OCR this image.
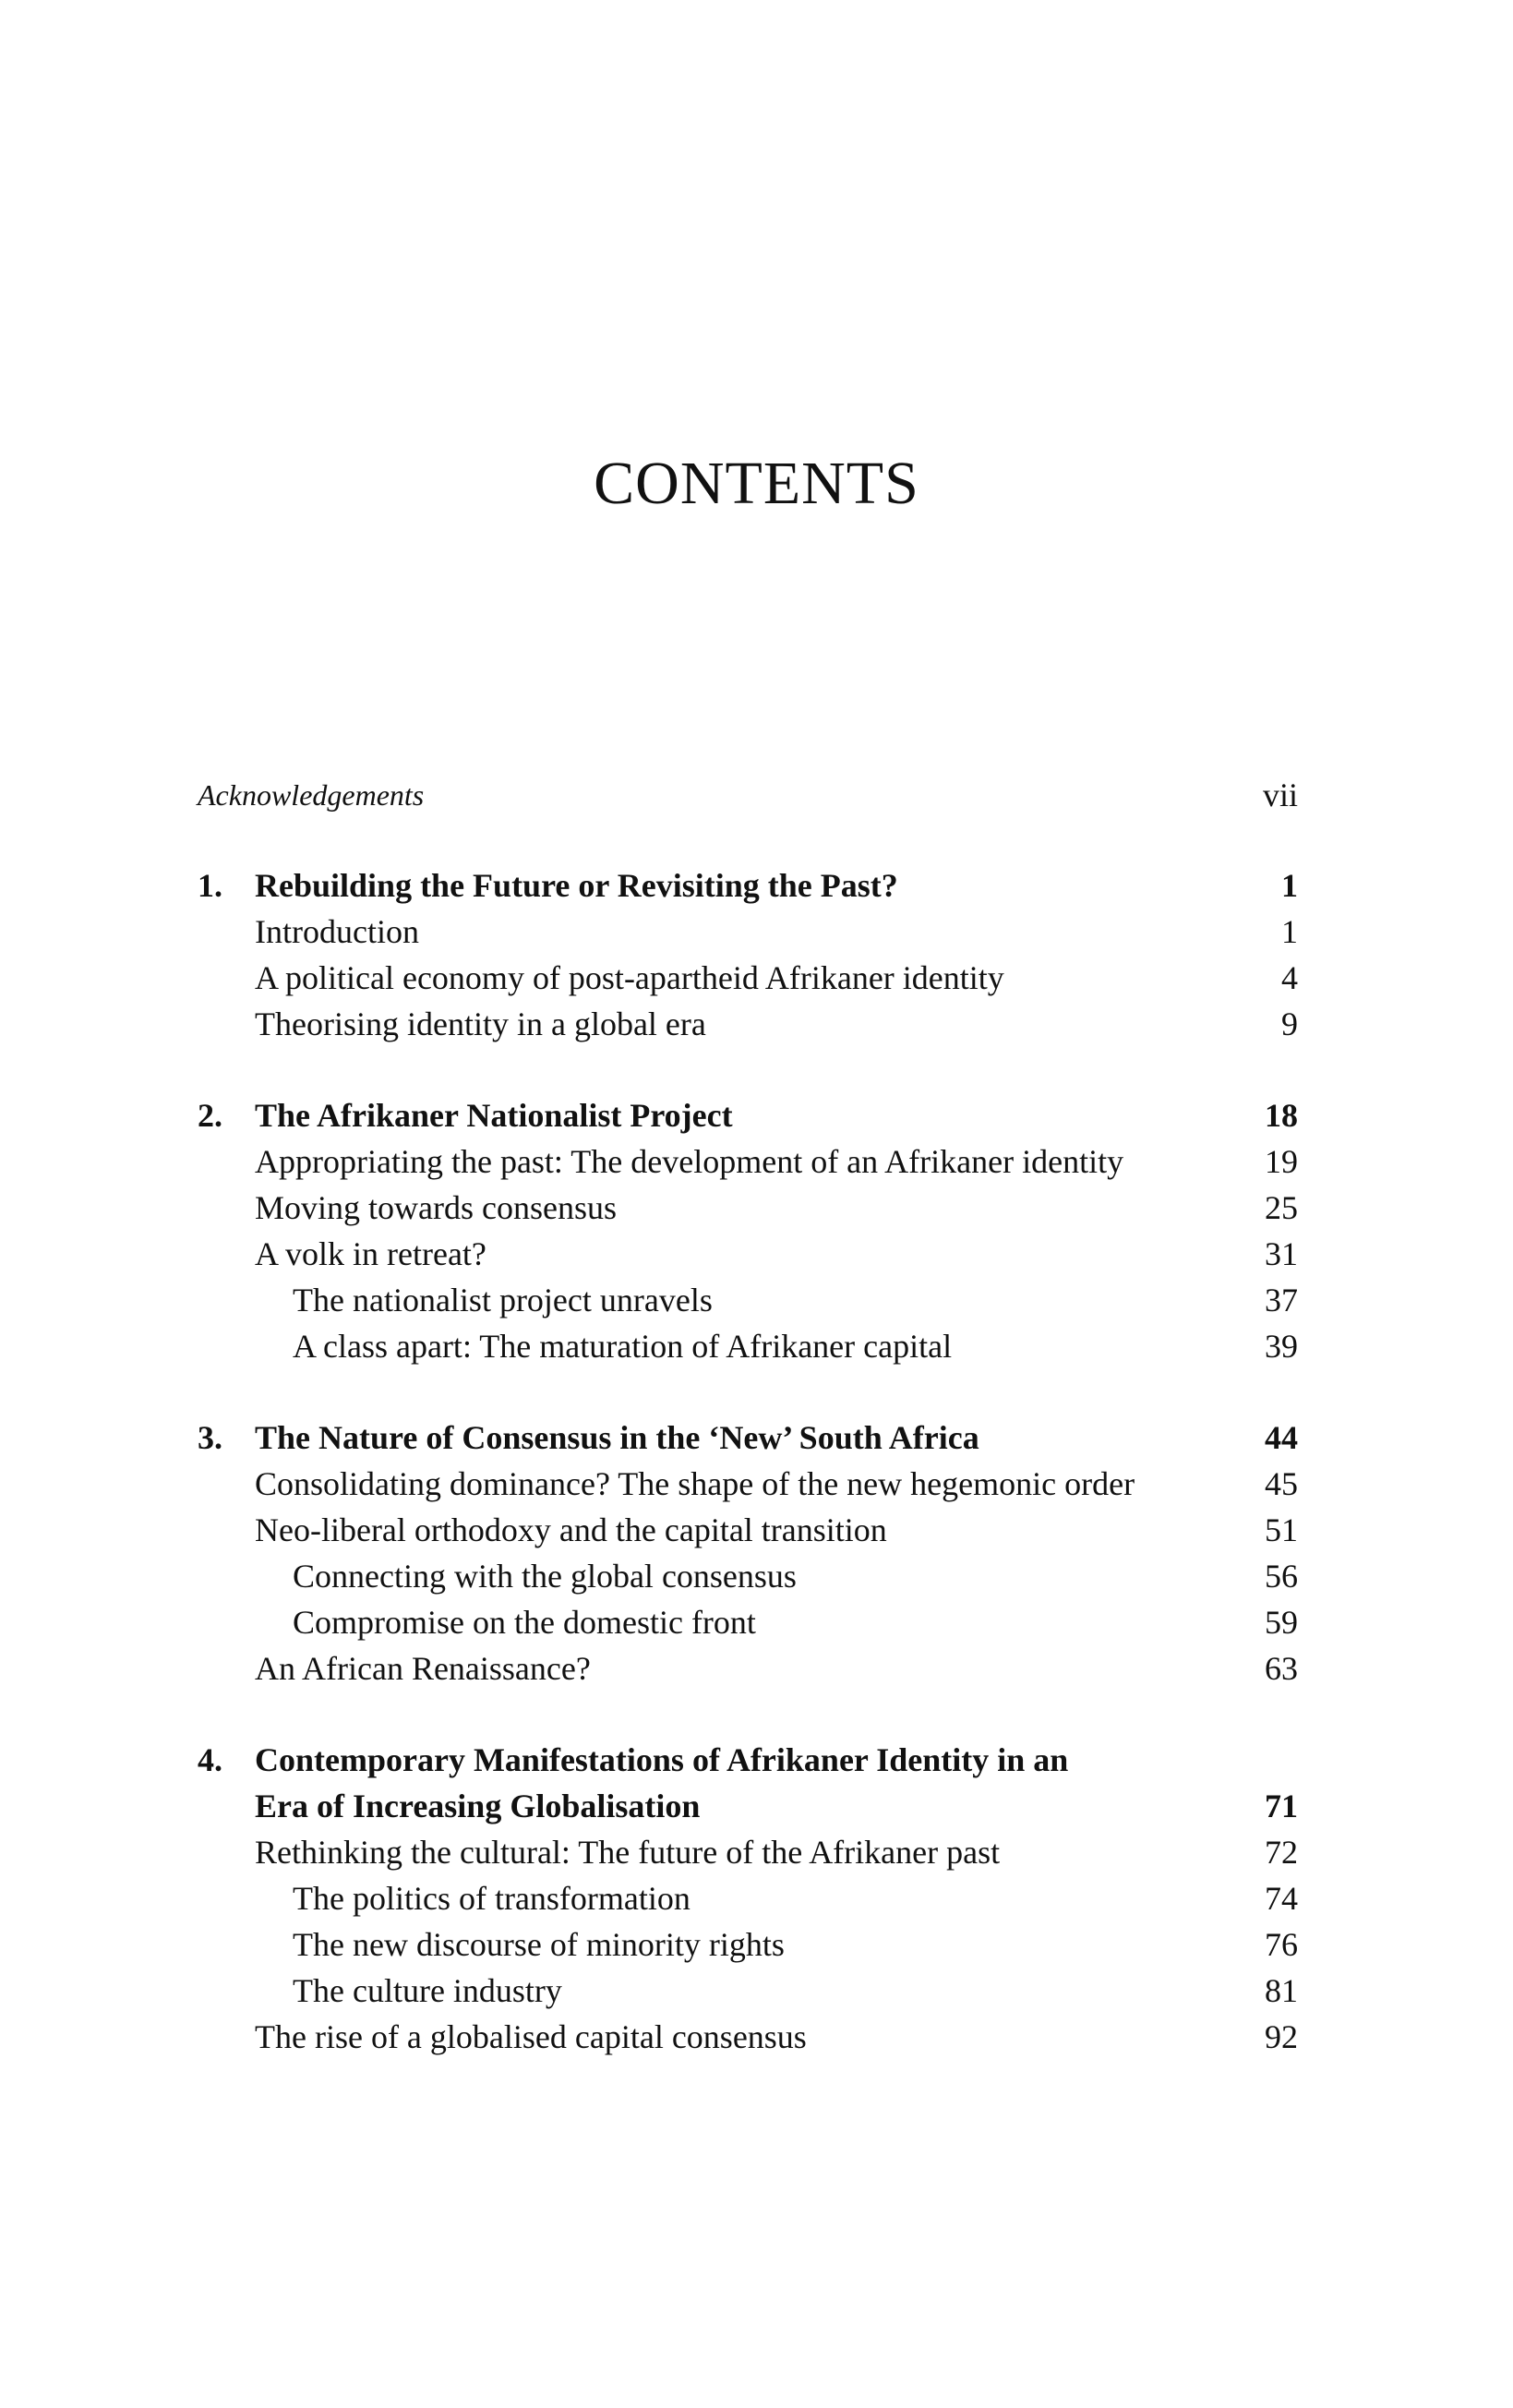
CONTENTS
Acknowledgements	vii
1. Rebuilding the Future or Revisiting the Past?	1
Introduction	1
A political economy of post-apartheid Afrikaner identity	4
Theorising identity in a global era	9
2. The Afrikaner Nationalist Project	18
Appropriating the past: The development of an Afrikaner identity	19
Moving towards consensus	25
A volk in retreat?	31
The nationalist project unravels	37
A class apart: The maturation of Afrikaner capital	39
3. The Nature of Consensus in the ‘New’ South Africa	44
Consolidating dominance? The shape of the new hegemonic order	45
Neo-liberal orthodoxy and the capital transition	51
Connecting with the global consensus	56
Compromise on the domestic front	59
An African Renaissance?	63
4. Contemporary Manifestations of Afrikaner Identity in an
Era of Increasing Globalisation	71
Rethinking the cultural: The future of the Afrikaner past	72
The politics of transformation	74
The new discourse of minority rights	76
The culture industry	81
The rise of a globalised capital consensus	92
